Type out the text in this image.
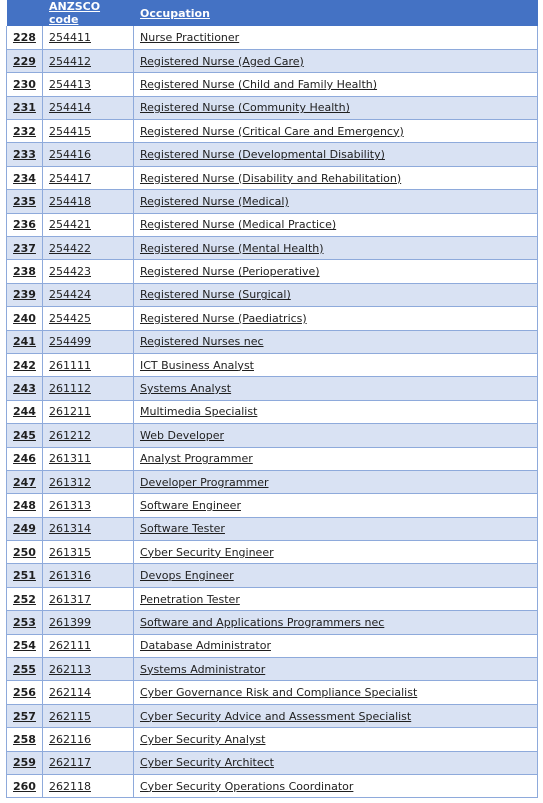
	ANZSCO code	Occupation
228	254411	Nurse Practitioner
229	254412	Registered Nurse (Aged Care)
230	254413	Registered Nurse (Child and Family Health)
231	254414	Registered Nurse (Community Health)
232	254415	Registered Nurse (Critical Care and Emergency)
233	254416	Registered Nurse (Developmental Disability)
234	254417	Registered Nurse (Disability and Rehabilitation)
235	254418	Registered Nurse (Medical)
236	254421	Registered Nurse (Medical Practice)
237	254422	Registered Nurse (Mental Health)
238	254423	Registered Nurse (Perioperative)
239	254424	Registered Nurse (Surgical)
240	254425	Registered Nurse (Paediatrics)
241	254499	Registered Nurses nec
242	261111	ICT Business Analyst
243	261112	Systems Analyst
244	261211	Multimedia Specialist
245	261212	Web Developer
246	261311	Analyst Programmer
247	261312	Developer Programmer
248	261313	Software Engineer
249	261314	Software Tester
250	261315	Cyber Security Engineer
251	261316	Devops Engineer
252	261317	Penetration Tester
253	261399	Software and Applications Programmers nec
254	262111	Database Administrator
255	262113	Systems Administrator
256	262114	Cyber Governance Risk and Compliance Specialist
257	262115	Cyber Security Advice and Assessment Specialist
258	262116	Cyber Security Analyst
259	262117	Cyber Security Architect
260	262118	Cyber Security Operations Coordinator
